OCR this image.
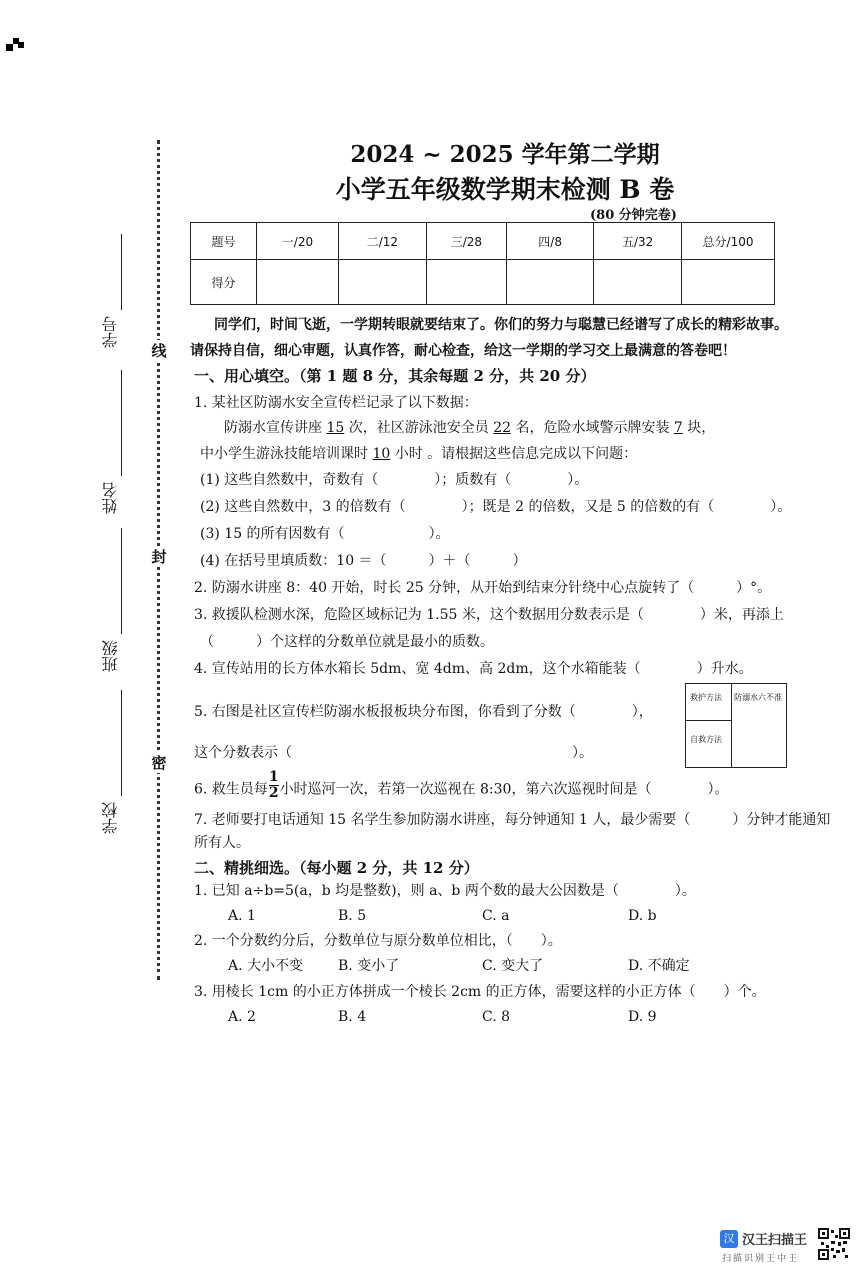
线
封
密
学号
姓名
班级
学校
2024 ~ 2025 学年第二学期
小学五年级数学期末检测 B 卷
(80 分钟完卷)
题号	一/20	二/12	三/28	四/8	五/32	总分/100
得分						
同学们，时间飞逝，一学期转眼就要结束了。你们的努力与聪慧已经谱写了成长的精彩故事。
请保持自信，细心审题，认真作答，耐心检查，给这一学期的学习交上最满意的答卷吧！
一、用心填空。（第 1 题 8 分，其余每题 2 分，共 20 分）
1. 某社区防溺水安全宣传栏记录了以下数据：
防溺水宣传讲座 15 次，社区游泳池安全员 22 名，危险水域警示牌安装 7 块，
中小学生游泳技能培训课时 10 小时 。请根据这些信息完成以下问题：
(1) 这些自然数中，奇数有（　　　　）；质数有（　　　　）。
(2) 这些自然数中，3 的倍数有（　　　　）；既是 2 的倍数，又是 5 的倍数的有（　　　　）。
(3) 15 的所有因数有（　　　　　　）。
(4) 在括号里填质数：10 ＝（　　　）＋（　　　）
2. 防溺水讲座 8：40 开始，时长 25 分钟，从开始到结束分针绕中心点旋转了（　　　）°。
3. 救援队检测水深，危险区域标记为 1.55 米，这个数据用分数表示是（　　　　）米，再添上
（　　　）个这样的分数单位就是最小的质数。
4. 宣传站用的长方体水箱长 5dm、宽 4dm、高 2dm，这个水箱能装（　　　　）升水。
5. 右图是社区宣传栏防溺水板报板块分布图，你看到了分数（　　　　），
这个分数表示（　　　　　　　　　　　　　　　　　　　　）。
救护方法 防溺水六不准
自救方法
6. 救生员每 $\frac{1}{2}$ 小时巡河一次，若第一次巡视在 8:30，第六次巡视时间是（　　　　）。
7. 老师要打电话通知 15 名学生参加防溺水讲座，每分钟通知 1 人，最少需要（　　　）分钟才能通知
所有人。
二、精挑细选。（每小题 2 分，共 12 分）
1. 已知 a÷b=5(a，b 均是整数)，则 a、b 两个数的最大公因数是（　　　　）。
A. 1	B. 5	C. a	D. b
2. 一个分数约分后，分数单位与原分数单位相比，（　　）。
A. 大小不变 B. 变小了	C. 变大了	D. 不确定
3. 用棱长 1cm 的小正方体拼成一个棱长 2cm 的正方体，需要这样的小正方体（　　）个。
A. 2	B. 4	C. 8	D. 9
汉 汉王扫描王
扫描识别王中王
